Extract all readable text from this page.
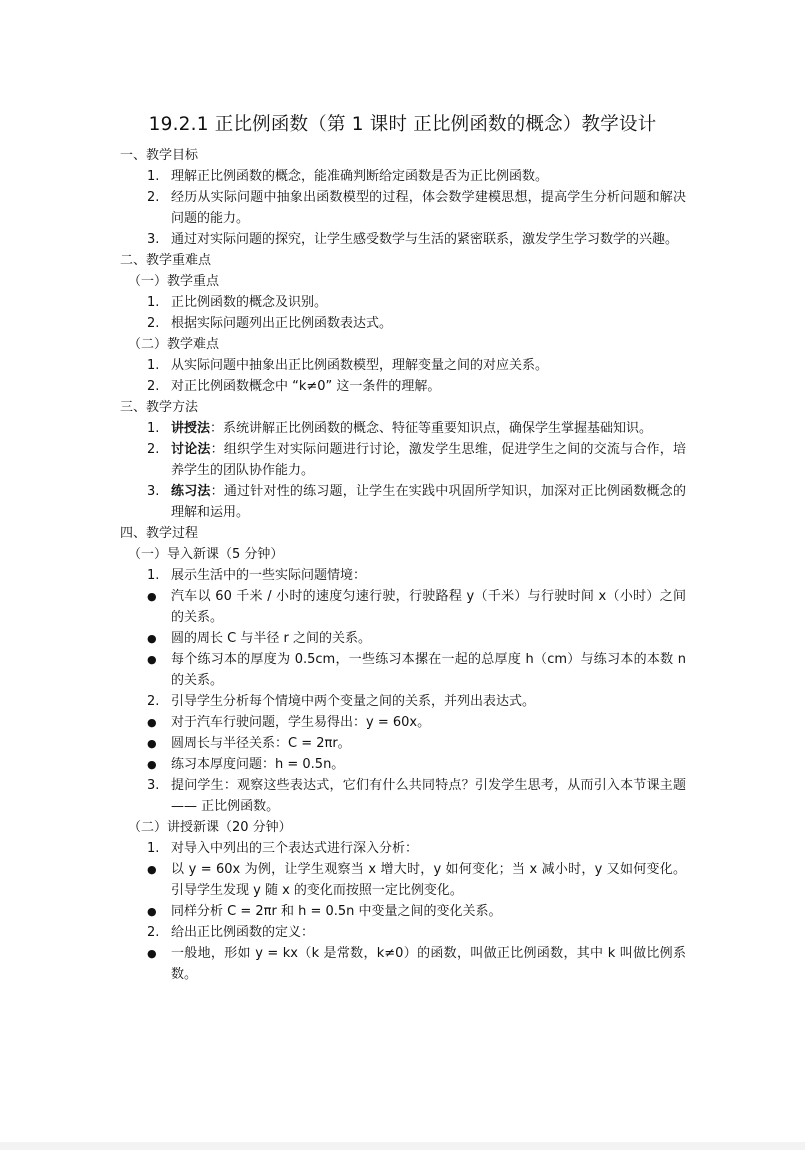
19.2.1 正比例函数（第 1 课时 正比例函数的概念）教学设计
一、教学目标
1. 理解正比例函数的概念，能准确判断给定函数是否为正比例函数。
2. 经历从实际问题中抽象出函数模型的过程，体会数学建模思想，提高学生分析问题和解决问题的能力。
3. 通过对实际问题的探究，让学生感受数学与生活的紧密联系，激发学生学习数学的兴趣。
二、教学重难点
（一）教学重点
1. 正比例函数的概念及识别。
2. 根据实际问题列出正比例函数表达式。
（二）教学难点
1. 从实际问题中抽象出正比例函数模型，理解变量之间的对应关系。
2. 对正比例函数概念中 “k≠0” 这一条件的理解。
三、教学方法
1. 讲授法：系统讲解正比例函数的概念、特征等重要知识点，确保学生掌握基础知识。
2. 讨论法：组织学生对实际问题进行讨论，激发学生思维，促进学生之间的交流与合作，培养学生的团队协作能力。
3. 练习法：通过针对性的练习题，让学生在实践中巩固所学知识，加深对正比例函数概念的理解和运用。
四、教学过程
（一）导入新课（5 分钟）
1. 展示生活中的一些实际问题情境：
●	汽车以 60 千米 / 小时的速度匀速行驶，行驶路程 y（千米）与行驶时间 x（小时）之间的关系。
●	圆的周长 C 与半径 r 之间的关系。
●	每个练习本的厚度为 0.5cm，一些练习本摞在一起的总厚度 h（cm）与练习本的本数 n 的关系。
2. 引导学生分析每个情境中两个变量之间的关系，并列出表达式。
●	对于汽车行驶问题，学生易得出：y = 60x。
●	圆周长与半径关系：C = 2πr。
●	练习本厚度问题：h = 0.5n。
3. 提问学生：观察这些表达式，它们有什么共同特点？引发学生思考，从而引入本节课主题 —— 正比例函数。
（二）讲授新课（20 分钟）
1. 对导入中列出的三个表达式进行深入分析：
●	以 y = 60x 为例，让学生观察当 x 增大时，y 如何变化；当 x 减小时，y 又如何变化。引导学生发现 y 随 x 的变化而按照一定比例变化。
●	同样分析 C = 2πr 和 h = 0.5n 中变量之间的变化关系。
2. 给出正比例函数的定义：
●	一般地，形如 y = kx（k 是常数，k≠0）的函数，叫做正比例函数，其中 k 叫做比例系数。
